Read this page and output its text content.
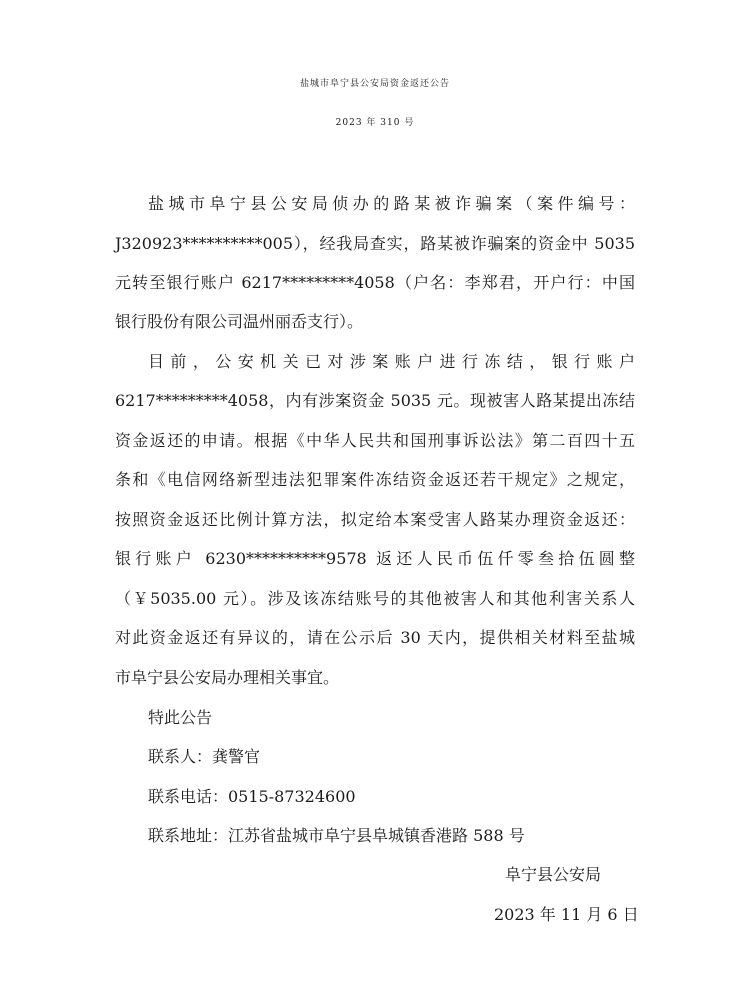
盐城市阜宁县公安局资金返还公告
2023 年 310 号
盐城市阜宁县公安局侦办的路某被诈骗案（案件编号：
J320923**********005），经我局查实，路某被诈骗案的资金中 5035
元转至银行账户 6217*********4058（户名：李郑君，开户行：中国
银行股份有限公司温州丽岙支行）。
目前，公安机关已对涉案账户进行冻结，银行账户
6217*********4058，内有涉案资金 5035 元。现被害人路某提出冻结
资金返还的申请。根据《中华人民共和国刑事诉讼法》第二百四十五
条和《电信网络新型违法犯罪案件冻结资金返还若干规定》之规定，
按照资金返还比例计算方法，拟定给本案受害人路某办理资金返还：
银行账户 6230**********9578 返还人民币伍仟零叁拾伍圆整
（￥5035.00 元）。涉及该冻结账号的其他被害人和其他利害关系人
对此资金返还有异议的，请在公示后 30 天内，提供相关材料至盐城
市阜宁县公安局办理相关事宜。
特此公告
联系人：龚警官
联系电话：0515-87324600
联系地址：江苏省盐城市阜宁县阜城镇香港路 588 号
阜宁县公安局
2023 年 11 月 6 日
